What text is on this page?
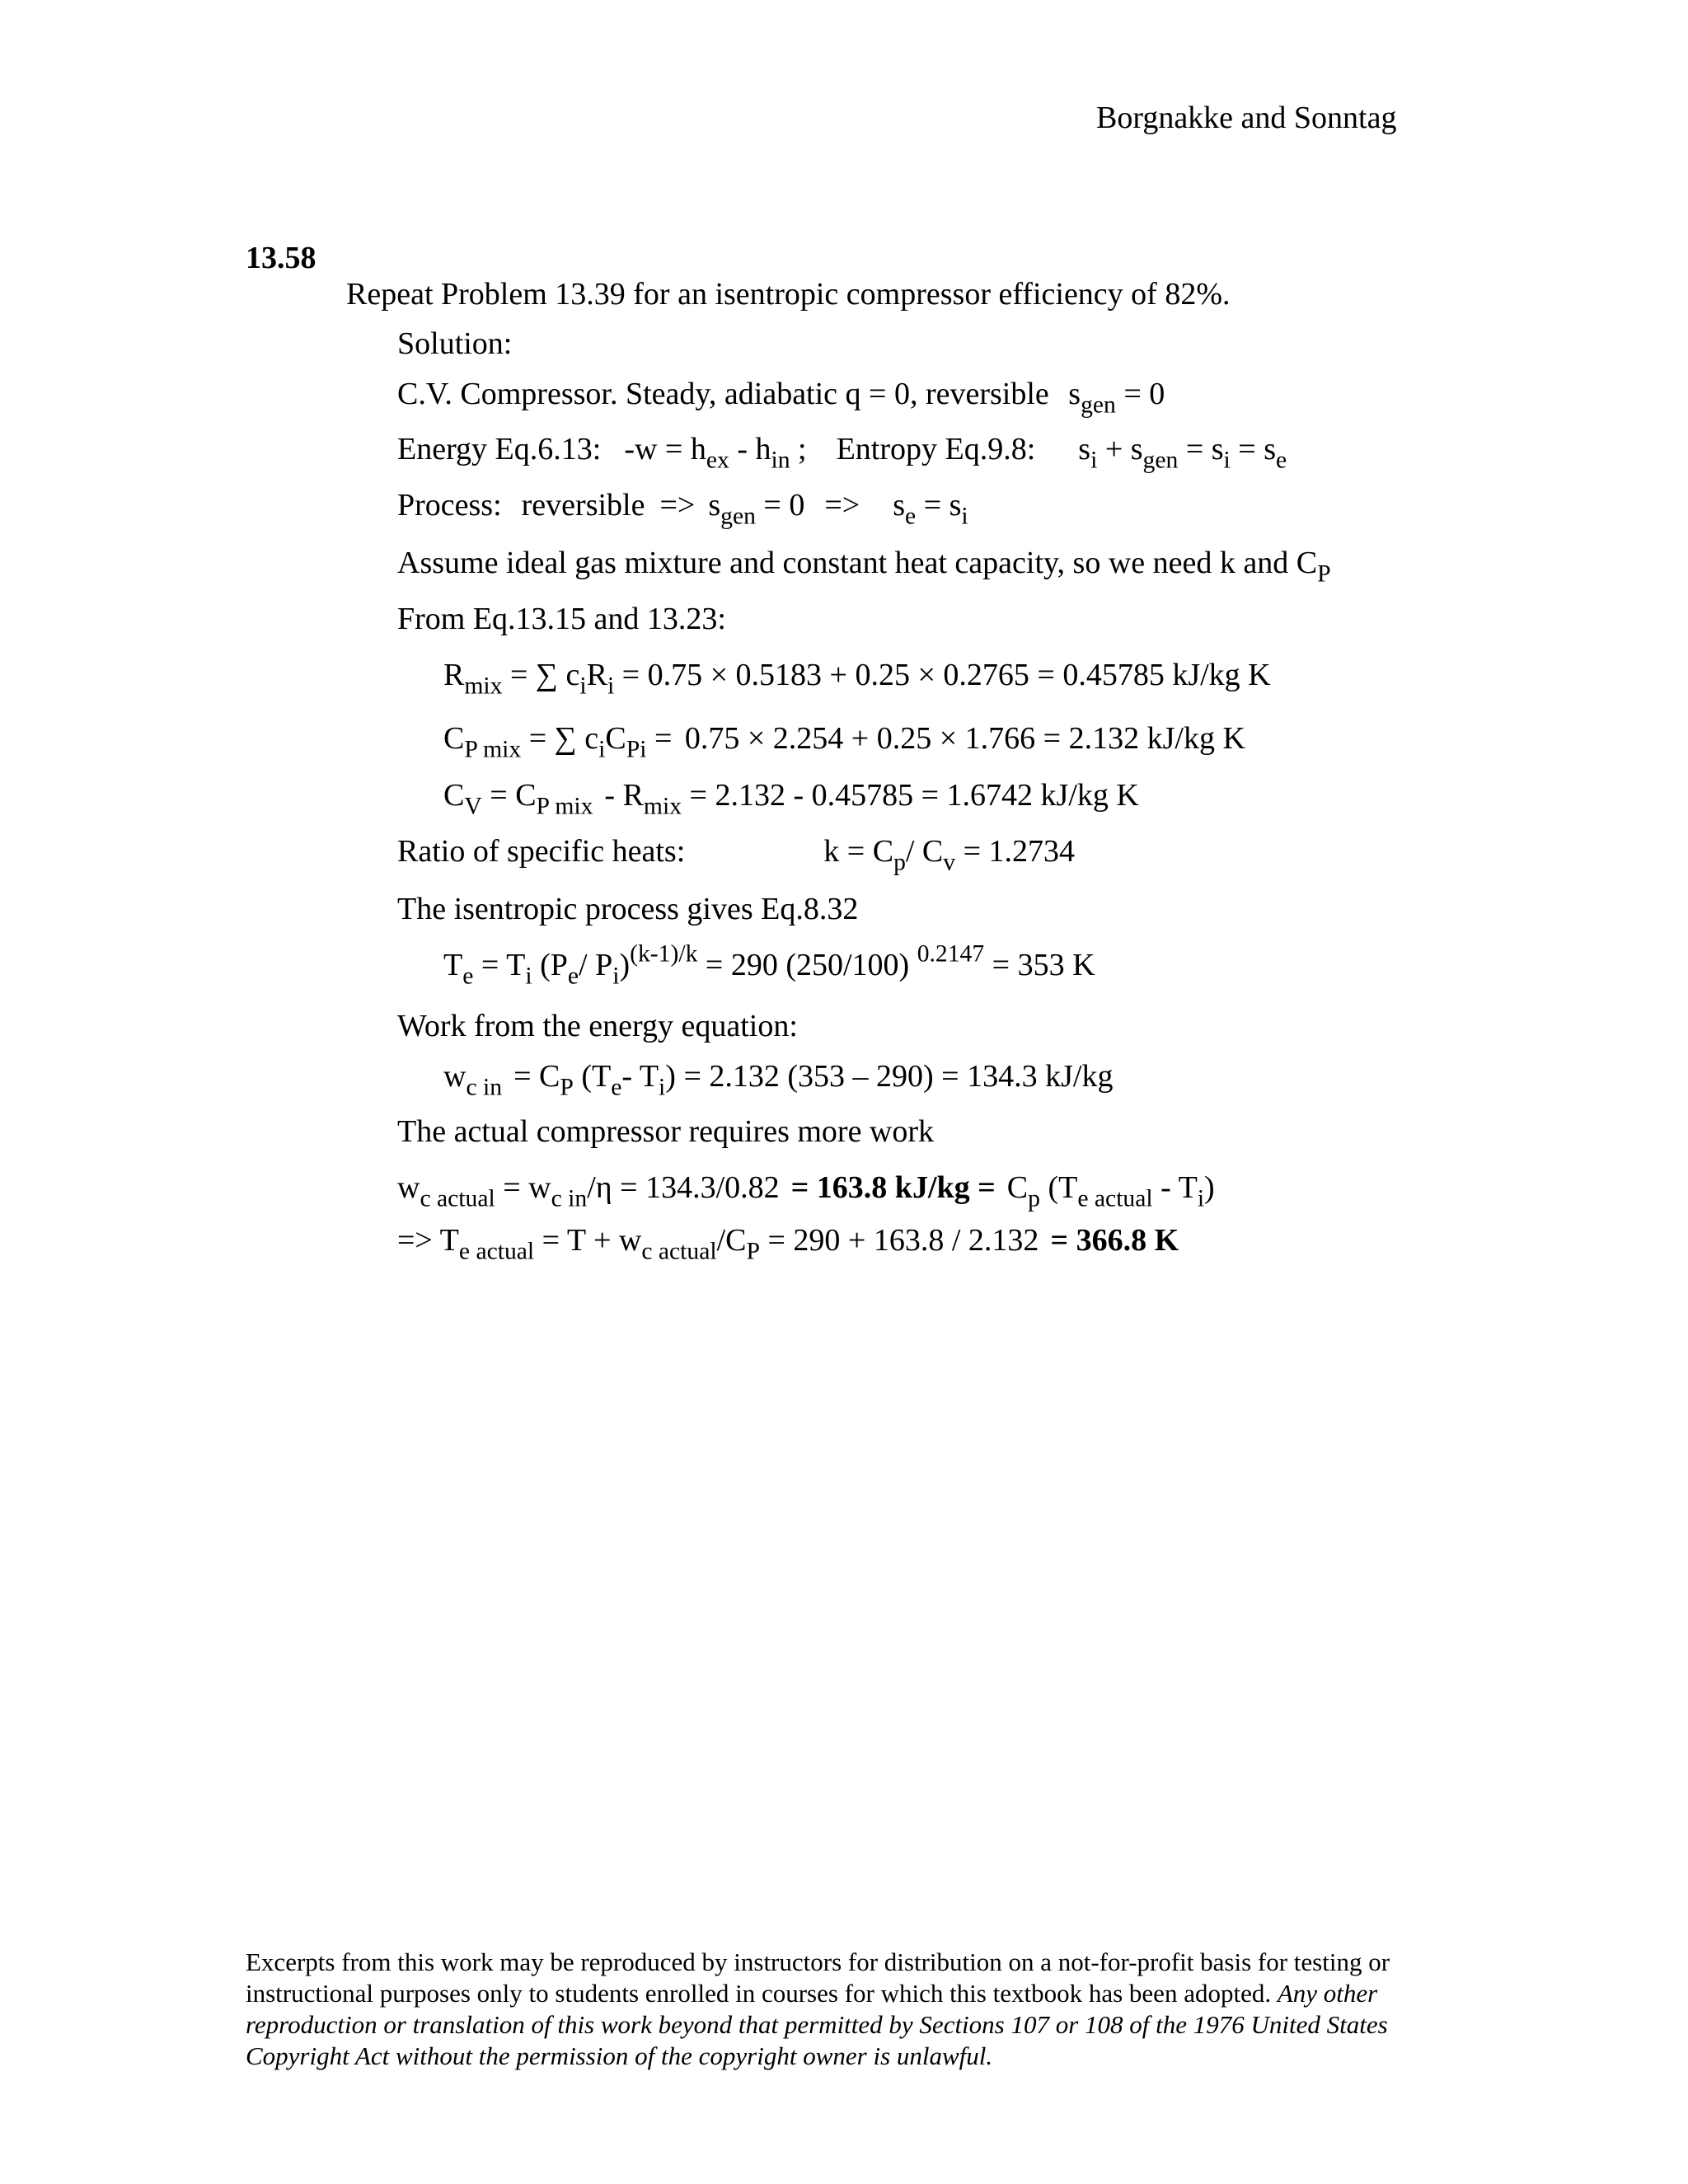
Borgnakke and Sonntag
13.58
Repeat Problem 13.39 for an isentropic compressor efficiency of 82%.
Solution:
C.V. Compressor. Steady, adiabatic q = 0, reversible $s_{gen} = 0$
Energy Eq.6.13: $-w = h_{ex} - h_{in}$ ; Entropy Eq.9.8: $s_i + s_{gen} = s_i = s_e$
Process: reversible => $s_{gen} = 0 => s_e = s_i$
Assume ideal gas mixture and constant heat capacity, so we need k and $C_P$
From Eq.13.15 and 13.23:
$R_{mix}$ = ∑ $c_iR_i = 0.75 \times 0.5183 + 0.25 \times 0.2765 = 0.45785$ kJ/kg K
$C_{P mix}$ = ∑ $c_iC_{Pi} = 0.75 \times 2.254 + 0.25 \times 1.766 = 2.132$ kJ/kg K
$C_V = C_{P mix} - R_{mix} = 2.132 - 0.45785 = 1.6742$ kJ/kg K
Ratio of specific heats:	$k = C_p/$ $C_v = 1.2734$
The isentropic process gives Eq.8.32
$T_e = T_i$ ($P_e/$ $P_i)^{(k-1)/k} = 290$ (250/100) $^{0.2147}$ = 353 K
Work from the energy equation:
$w_{c in} = C_P$ ($T_e-$ $T_i) = 2.132$ (353 – 290) = 134.3 kJ/kg
The actual compressor requires more work
$w_{c actual} = w_{c in}/\eta = 134.3/0.82 = 163.8$ $kJ/kg = C_p$ $(T_{e actual} - T_i)$
=> $T_{e actual} = T + w_{c actual}/C_P = 290 + 163.8 / 2.132 = 366.8$ K
Excerpts from this work may be reproduced by instructors for distribution on a not-for-profit basis for testing or instructional purposes only to students enrolled in courses for which this textbook has been adopted. Any other reproduction or translation of this work beyond that permitted by Sections 107 or 108 of the 1976 United States Copyright Act without the permission of the copyright owner is unlawful.
